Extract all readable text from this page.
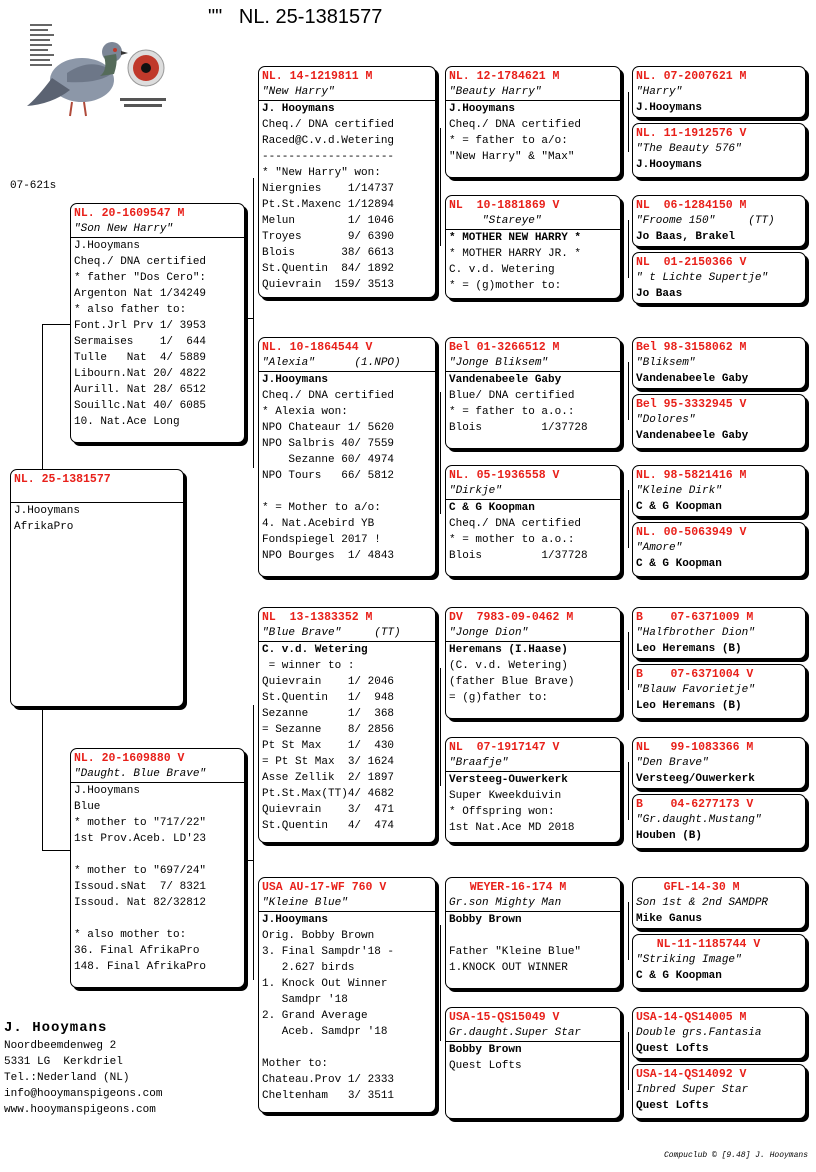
""   NL. 25-1381577
07-621s
NL. 25-1381577
J.Hooymans
AfrikaPro
NL. 20-1609547 M
"Son New Harry"
J.Hooymans
Cheq./ DNA certified
* father "Dos Cero":
Argenton Nat 1/34249
* also father to:
Font.Jrl Prv 1/ 3953
Sermaises    1/  644
Tulle   Nat  4/ 5889
Libourn.Nat 20/ 4822
Aurill. Nat 28/ 6512
Souillc.Nat 40/ 6085
10. Nat.Ace Long
NL. 20-1609880 V
"Daught. Blue Brave"
J.Hooymans
Blue
* mother to "717/22"
1st Prov.Aceb. LD'23

* mother to "697/24"
Issoud.sNat  7/ 8321
Issoud. Nat 82/32812

* also mother to:
36. Final AfrikaPro
148. Final AfrikaPro
NL. 14-1219811 M
"New Harry"
J. Hooymans
Cheq./ DNA certified
Raced@C.v.d.Wetering
--------------------
* "New Harry" won:
Niergnies    1/14737
Pt.St.Maxenc 1/12894
Melun        1/ 1046
Troyes       9/ 6390
Blois       38/ 6613
St.Quentin  84/ 1892
Quievrain  159/ 3513
NL. 10-1864544 V
"Alexia"      (1.NPO)
J.Hooymans
Cheq./ DNA certified
* Alexia won:
NPO Chateaur 1/ 5620
NPO Salbris 40/ 7559
Sezanne 60/ 4974
NPO Tours   66/ 5812

* = Mother to a/o:
4. Nat.Acebird YB
Fondspiegel 2017 !
NPO Bourges  1/ 4843
NL  13-1383352 M
"Blue Brave"     (TT)
C. v.d. Wetering
= winner to :
Quievrain    1/ 2046
St.Quentin   1/  948
Sezanne      1/  368
= Sezanne    8/ 2856
Pt St Max    1/  430
= Pt St Max  3/ 1624
Asse Zellik  2/ 1897
Pt.St.Max(TT)4/ 4682
Quievrain    3/  471
St.Quentin   4/  474
USA AU-17-WF 760 V
"Kleine Blue"
J.Hooymans
Orig. Bobby Brown
3. Final Sampdr'18 -
2.627 birds
1. Knock Out Winner
Samdpr '18
2. Grand Average
Aceb. Samdpr '18

Mother to:
Chateau.Prov 1/ 2333
Cheltenham   3/ 3511
NL. 12-1784621 M
"Beauty Harry"
J.Hooymans
Cheq./ DNA certified
* = father to a/o:
"New Harry" & "Max"
NL  10-1881869 V
"Stareye"
* MOTHER NEW HARRY *
* MOTHER HARRY JR. *
C. v.d. Wetering
* = (g)mother to:
Bel 01-3266512 M
"Jonge Bliksem"
Vandenabeele Gaby
Blue/ DNA certified
* = father to a.o.:
Blois         1/37728
NL. 05-1936558 V
"Dirkje"
C & G Koopman
Cheq./ DNA certified
* = mother to a.o.:
Blois         1/37728
DV  7983-09-0462 M
"Jonge Dion"
Heremans (I.Haase)
(C. v.d. Wetering)
(father Blue Brave)
= (g)father to:
NL  07-1917147 V
"Braafje"
Versteeg-Ouwerkerk
Super Kweekduivin
* Offspring won:
1st Nat.Ace MD 2018
WEYER-16-174 M
Gr.son Mighty Man
Bobby Brown

Father "Kleine Blue"
1.KNOCK OUT WINNER
USA-15-QS15049 V
Gr.daught.Super Star
Bobby Brown
Quest Lofts
NL. 07-2007621 M
"Harry"
J.Hooymans
NL. 11-1912576 V
"The Beauty 576"
J.Hooymans
NL  06-1284150 M
"Froome 150"     (TT)
Jo Baas, Brakel
NL  01-2150366 V
" t Lichte Supertje"
Jo Baas
Bel 98-3158062 M
"Bliksem"
Vandenabeele Gaby
Bel 95-3332945 V
"Dolores"
Vandenabeele Gaby
NL. 98-5821416 M
"Kleine Dirk"
C & G Koopman
NL. 00-5063949 V
"Amore"
C & G Koopman
B    07-6371009 M
"Halfbrother Dion"
Leo Heremans (B)
B    07-6371004 V
"Blauw Favorietje"
Leo Heremans (B)
NL   99-1083366 M
"Den Brave"
Versteeg/Ouwerkerk
B    04-6277173 V
"Gr.daught.Mustang"
Houben (B)
GFL-14-30 M
Son 1st & 2nd SAMDPR
Mike Ganus
NL-11-1185744 V
"Striking Image"
C & G Koopman
USA-14-QS14005 M
Double grs.Fantasia
Quest Lofts
USA-14-QS14092 V
Inbred Super Star
Quest Lofts
J. Hooymans
Noordbeemdenweg 2
5331 LG  Kerkdriel
Tel.:Nederland (NL)
info@hooymanspigeons.com
www.hooymanspigeons.com
Compuclub © [9.48] J. Hooymans
